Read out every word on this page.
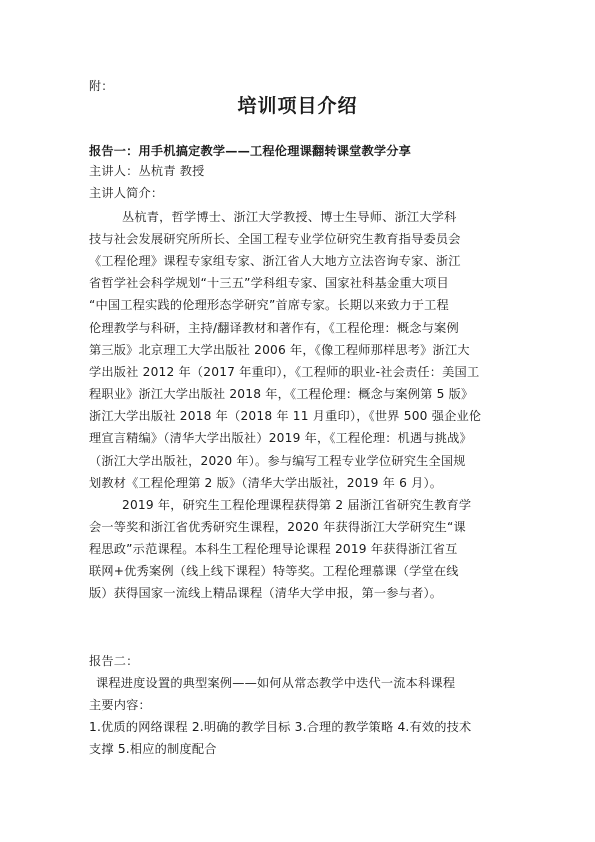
附：
培训项目介绍
报告一：用手机搞定教学——工程伦理课翻转课堂教学分享
主讲人：丛杭青 教授
主讲人简介：
丛杭青，哲学博士、浙江大学教授、博士生导师、浙江大学科
技与社会发展研究所所长、全国工程专业学位研究生教育指导委员会
《工程伦理》课程专家组专家、浙江省人大地方立法咨询专家、浙江
省哲学社会科学规划“十三五”学科组专家、国家社科基金重大项目
“中国工程实践的伦理形态学研究”首席专家。长期以来致力于工程
伦理教学与科研，主持/翻译教材和著作有，《工程伦理：概念与案例
第三版》北京理工大学出版社 2006 年，《像工程师那样思考》浙江大
学出版社 2012 年（2017 年重印），《工程师的职业-社会责任：美国工
程职业》浙江大学出版社 2018 年，《工程伦理：概念与案例第 5 版》
浙江大学出版社 2018 年（2018 年 11 月重印），《世界 500 强企业伦
理宣言精编》（清华大学出版社）2019 年，《工程伦理：机遇与挑战》
（浙江大学出版社，2020 年）。参与编写工程专业学位研究生全国规
划教材《工程伦理第 2 版》（清华大学出版社，2019 年 6 月）。
2019 年，研究生工程伦理课程获得第 2 届浙江省研究生教育学
会一等奖和浙江省优秀研究生课程，2020 年获得浙江大学研究生“课
程思政”示范课程。本科生工程伦理导论课程 2019 年获得浙江省互
联网+优秀案例（线上线下课程）特等奖。工程伦理慕课（学堂在线
版）获得国家一流线上精品课程（清华大学申报，第一参与者）。
报告二：
课程进度设置的典型案例——如何从常态教学中迭代一流本科课程
主要内容：
1.优质的网络课程 2.明确的教学目标 3.合理的教学策略 4.有效的技术
支撑 5.相应的制度配合
